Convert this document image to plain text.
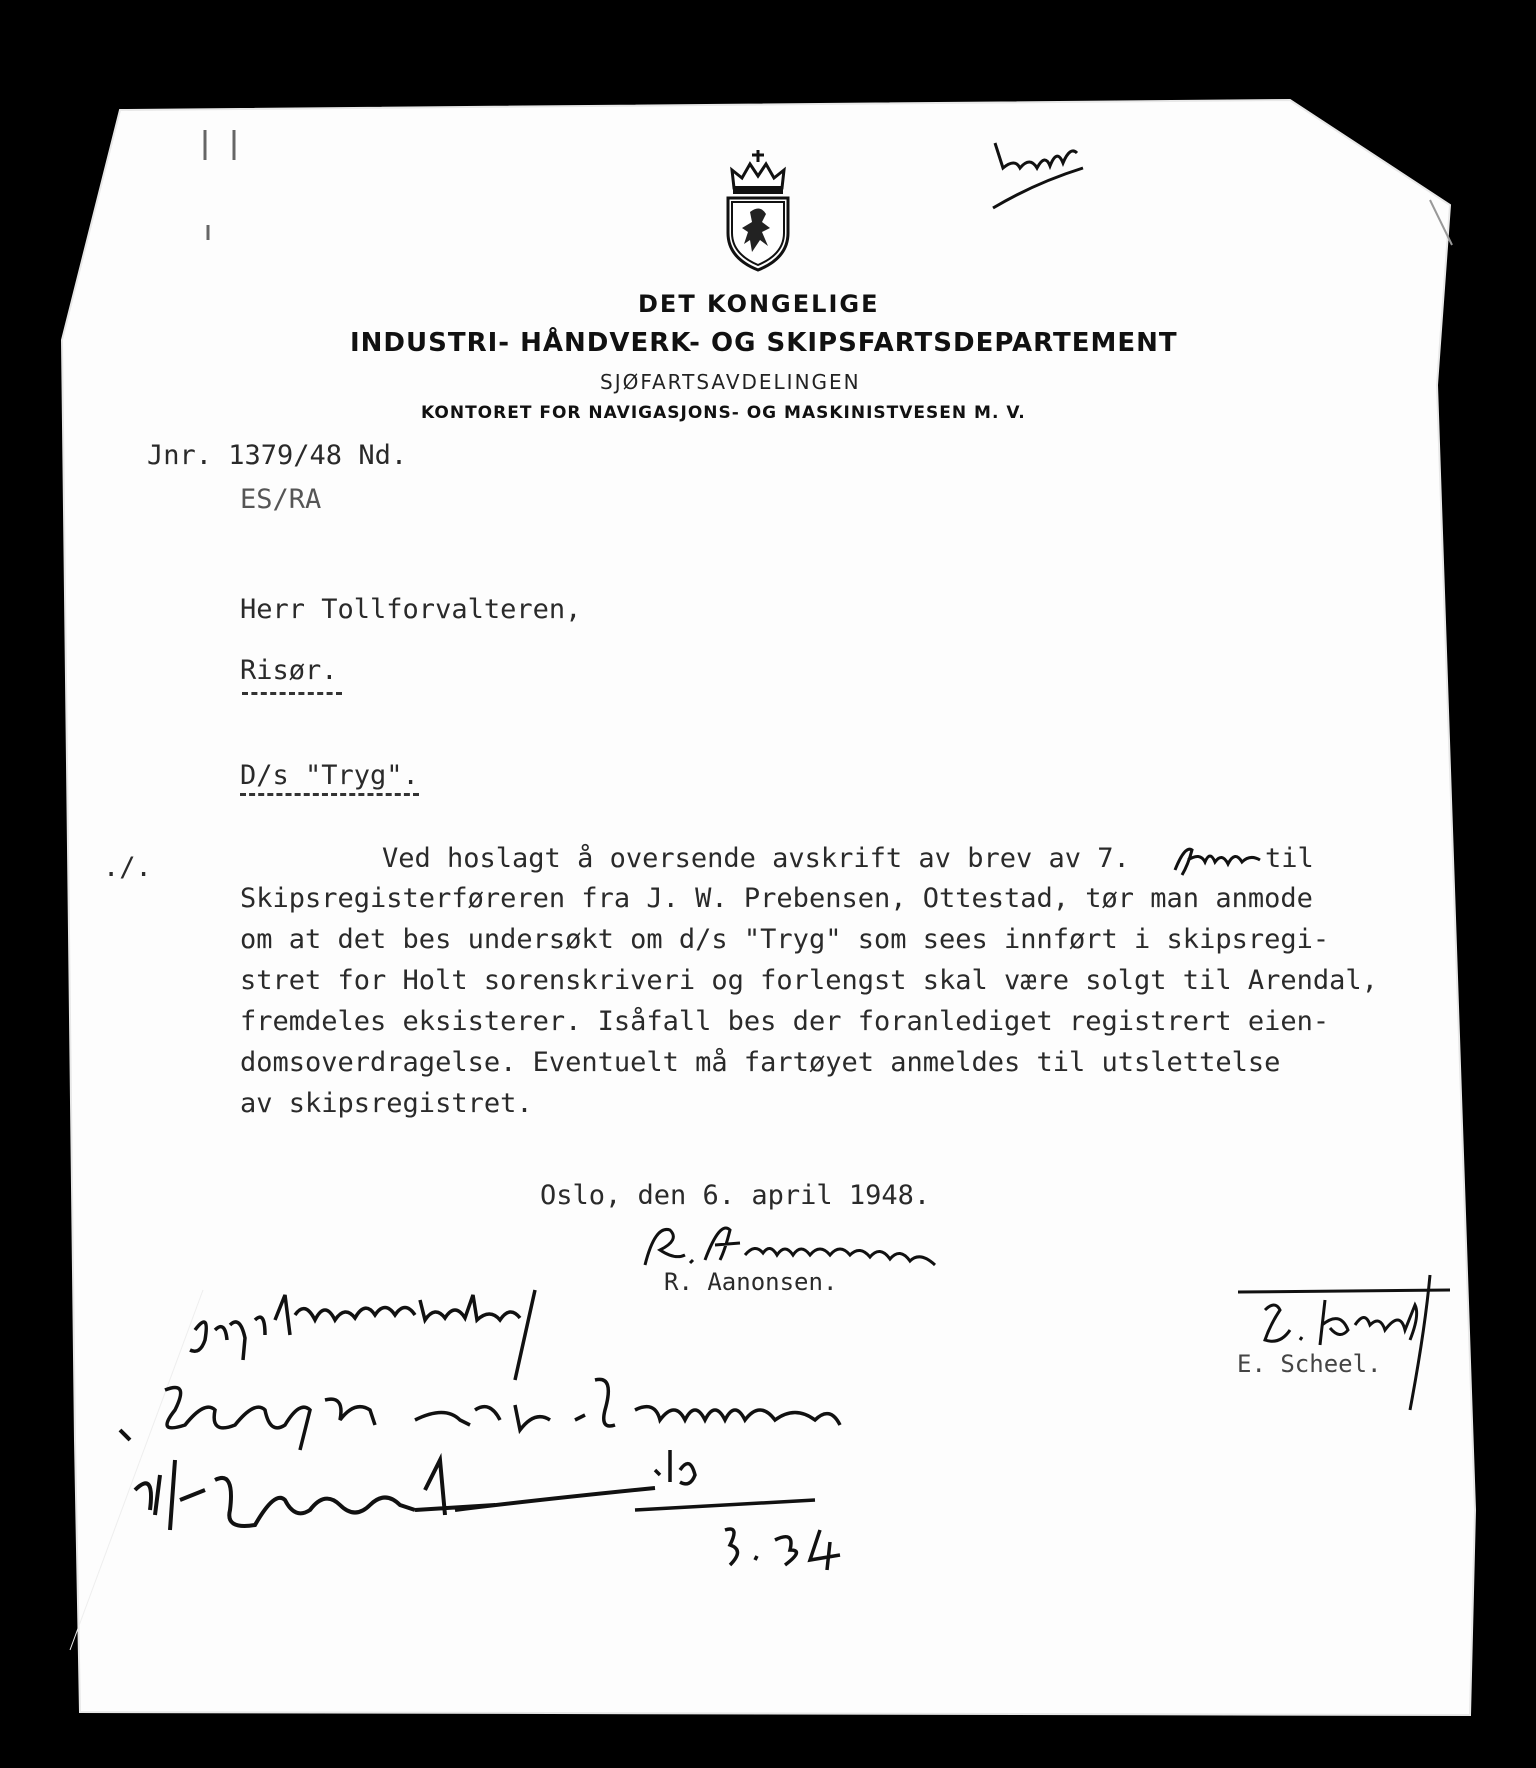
DET KONGELIGE
INDUSTRI- HÅNDVERK- OG SKIPSFARTSDEPARTEMENT
SJØFARTSAVDELINGEN
KONTORET FOR NAVIGASJONS- OG MASKINISTVESEN M. V.
Jnr. 1379/48 Nd.
ES/RA
Herr Tollforvalteren,
Risør.
D/s "Tryg".
./.	Ved hoslagt å oversende avskrift av brev av 7.	til
Skipsregisterføreren fra J. W. Prebensen, Ottestad, tør man anmode
om at det bes undersøkt om d/s "Tryg" som sees innført i skipsregi-
stret for Holt sorenskriveri og forlengst skal være solgt til Arendal,
fremdeles eksisterer. Isåfall bes der foranlediget registrert eien-
domsoverdragelse. Eventuelt må fartøyet anmeldes til utslettelse
av skipsregistret.
Oslo, den 6. april 1948.
R. Aanonsen.
E. Scheel.
